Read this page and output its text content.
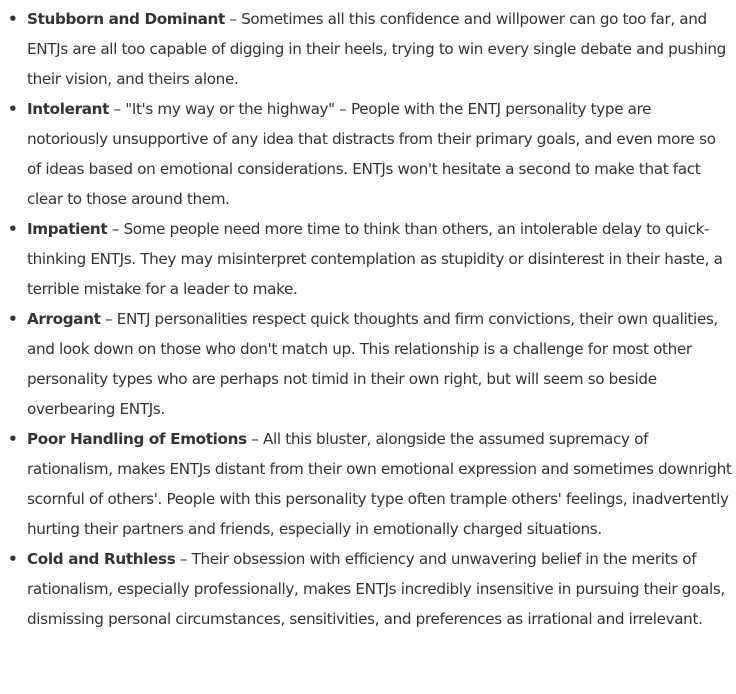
• Stubborn and Dominant – Sometimes all this confidence and willpower can go too far, and ENTJs are all too capable of digging in their heels, trying to win every single debate and pushing their vision, and theirs alone.
• Intolerant – "It's my way or the highway" – People with the ENTJ personality type are notoriously unsupportive of any idea that distracts from their primary goals, and even more so of ideas based on emotional considerations. ENTJs won't hesitate a second to make that fact clear to those around them.
• Impatient – Some people need more time to think than others, an intolerable delay to quick-thinking ENTJs. They may misinterpret contemplation as stupidity or disinterest in their haste, a terrible mistake for a leader to make.
• Arrogant – ENTJ personalities respect quick thoughts and firm convictions, their own qualities, and look down on those who don't match up. This relationship is a challenge for most other personality types who are perhaps not timid in their own right, but will seem so beside overbearing ENTJs.
• Poor Handling of Emotions – All this bluster, alongside the assumed supremacy of rationalism, makes ENTJs distant from their own emotional expression and sometimes downright scornful of others'. People with this personality type often trample others' feelings, inadvertently hurting their partners and friends, especially in emotionally charged situations.
• Cold and Ruthless – Their obsession with efficiency and unwavering belief in the merits of rationalism, especially professionally, makes ENTJs incredibly insensitive in pursuing their goals, dismissing personal circumstances, sensitivities, and preferences as irrational and irrelevant.
